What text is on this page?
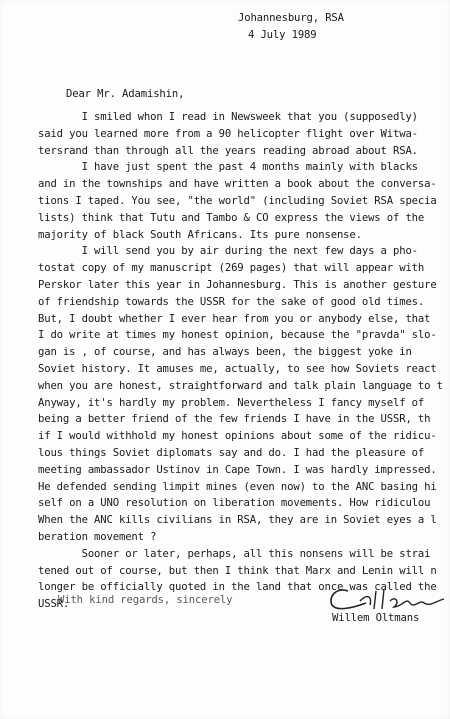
Johannesburg, RSA
4 July 1989
Dear Mr. Adamishin,
I smiled whon I read in Newsweek that you (supposedly)
said you learned more from a 90 helicopter flight over Witwa-
tersrand than through all the years reading abroad about RSA.
I have just spent the past 4 months mainly with blacks
and in the townships and have written a book about the conversa-
tions I taped. You see, "the world" (including Soviet RSA specia
lists) think that Tutu and Tambo & CO express the views of the
majority of black South Africans. Its pure nonsense.
I will send you by air during the next few days a pho-
tostat copy of my manuscript (269 pages) that will appear with
Perskor later this year in Johannesburg. This is another gesture
of friendship towards the USSR for the sake of good old times.
But, I doubt whether I ever hear from you or anybody else, that
I do write at times my honest opinion, because the "pravda" slo-
gan is , of course, and has always been, the biggest yoke in
Soviet history. It amuses me, actually, to see how Soviets react
when you are honest, straightforward and talk plain language to t
Anyway, it's hardly my problem. Nevertheless I fancy myself of
being a better friend of the few friends I have in the USSR, th
if I would withhold my honest opinions about some of the ridicu-
lous things Soviet diplomats say and do. I had the pleasure of
meeting ambassador Ustinov in Cape Town. I was hardly impressed.
He defended sending limpit mines (even now) to the ANC basing hi
self on a UNO resolution on liberation movements. How ridiculou
When the ANC kills civilians in RSA, they are in Soviet eyes a l
beration movement ?
Sooner or later, perhaps, all this nonsens will be strai
tened out of course, but then I think that Marx and Lenin will n
longer be officially quoted in the land that once was called the
USSR.
With kind regards, sincerely
Willem Oltmans
